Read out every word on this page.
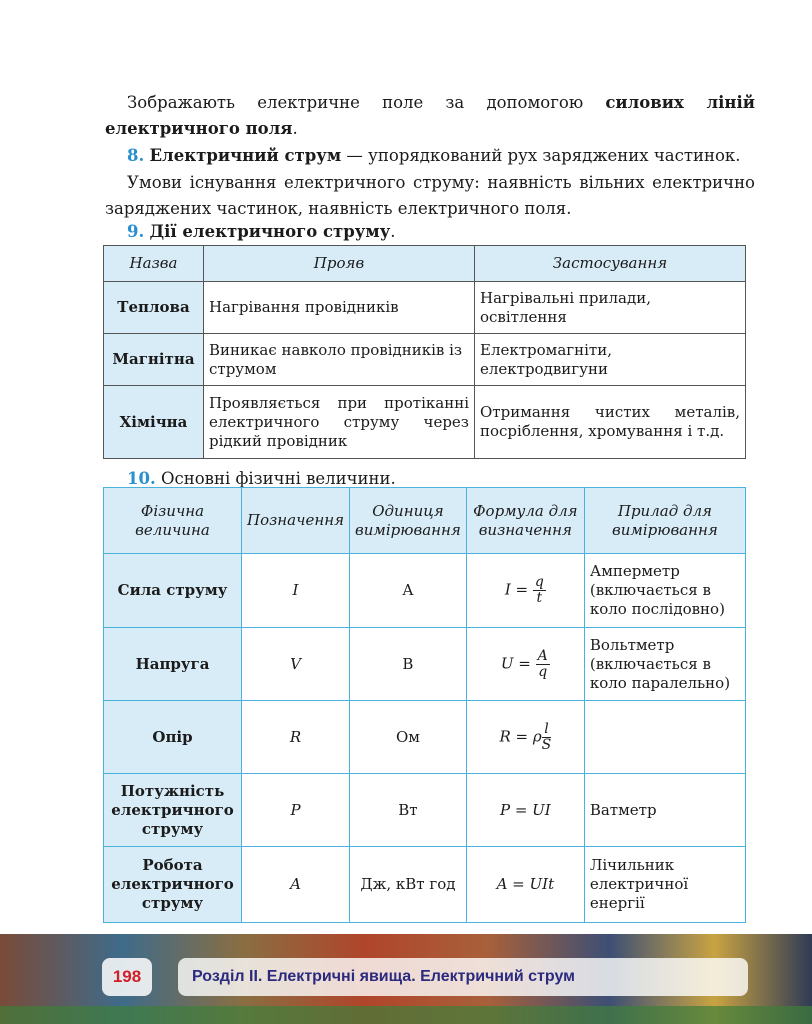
Зображають електричне поле за допомогою силових ліній електричного поля.
8. Електричний струм — упорядкований рух заряджених частинок.
Умови існування електричного струму: наявність вільних електрично заряджених частинок, наявність електричного поля.
9. Дії електричного струму.
Назва	Прояв	Застосування
Теплова	Нагрівання провідників	Нагрівальні прилади, освітлення
Магнітна	Виникає навколо провідників із струмом	Електромагніти, електродвигуни
Хімічна	Проявляється при протіканні електричного струму через рідкий провідник	Отримання чистих металів, посріблення, хромування і т.д.
10. Основні фізичні величини.
Фізична величина	Позначення	Одиниця вимірювання	Формула для визначення	Прилад для вимірювання
Сила струму	I	А	$I = \frac{q}{t}$	Амперметр (включається в коло послідовно)
Напруга	V	В	$U = \frac{A}{q}$	Вольтметр (включається в коло паралельно)
Опір	R	Ом	R = ρ $\frac{l}{S}$

Потужність електричного струму	P	Вт	P = UI	Ватметр
Робота електричного струму	A	Дж, кВт год	A = UIt	Лічильник електричної енергії
198	Розділ ІІ. Електричні явища. Електричний струм
